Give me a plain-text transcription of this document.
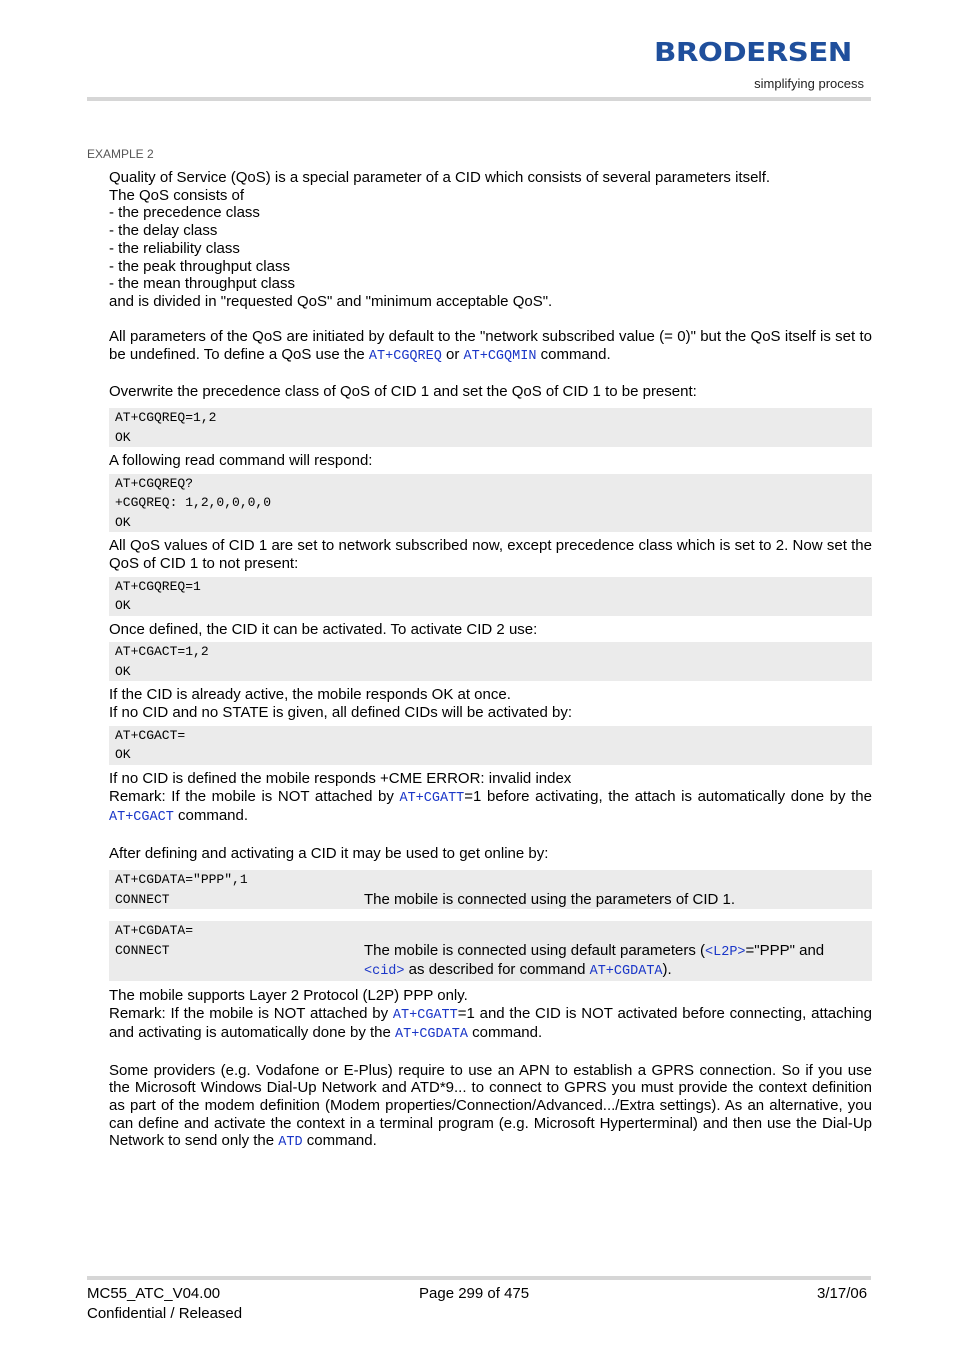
BRODERSEN
simplifying process
EXAMPLE 2

Quality of Service (QoS) is a special parameter of a CID which consists of several parameters itself.

The QoS consists of

- the precedence class

- the delay class

- the reliability class

- the peak throughput class

- the mean throughput class

and is divided in "requested QoS" and "minimum acceptable QoS".

All parameters of the QoS are initiated by default to the "network subscribed value (= 0)" but the QoS itself is set to be undefined. To define a QoS use the AT+CGQREQ or AT+CGQMIN command.

Overwrite the precedence class of QoS of CID 1 and set the QoS of CID 1 to be present:

AT+CGQREQ=1,2
OK

A following read command will respond:

AT+CGQREQ?
+CGQREQ: 1,2,0,0,0,0
OK

All QoS values of CID 1 are set to network subscribed now, except precedence class which is set to 2. Now set the QoS of CID 1 to not present:

AT+CGQREQ=1
OK

Once defined, the CID it can be activated. To activate CID 2 use:

AT+CGACT=1,2
OK

If the CID is already active, the mobile responds OK at once.

If no CID and no STATE is given, all defined CIDs will be activated by:

AT+CGACT=
OK

If no CID is defined the mobile responds +CME ERROR: invalid index

Remark: If the mobile is NOT attached by AT+CGATT=1 before activating, the attach is automatically done by the AT+CGACT command.

After defining and activating a CID it may be used to get online by:

AT+CGDATA="PPP",1
CONNECT	The mobile is connected using the parameters of CID 1.
AT+CGDATA=
CONNECT	The mobile is connected using default parameters (<L2P>="PPP" and <cid> as described for command AT+CGDATA).

The mobile supports Layer 2 Protocol (L2P) PPP only.

Remark: If the mobile is NOT attached by AT+CGATT=1 and the CID is NOT activated before connecting, attaching and activating is automatically done by the AT+CGDATA command.

Some providers (e.g. Vodafone or E-Plus) require to use an APN to establish a GPRS connection. So if you use the Microsoft Windows Dial-Up Network and ATD*9... to connect to GPRS you must provide the context definition as part of the modem definition (Modem properties/Connection/Advanced.../Extra settings). As an alternative, you can define and activate the context in a terminal program (e.g. Microsoft Hyperterminal) and then use the Dial-Up Network to send only the ATD command.

MC55_ATC_V04.00
Confidential / Released
Page 299 of 475	3/17/06
